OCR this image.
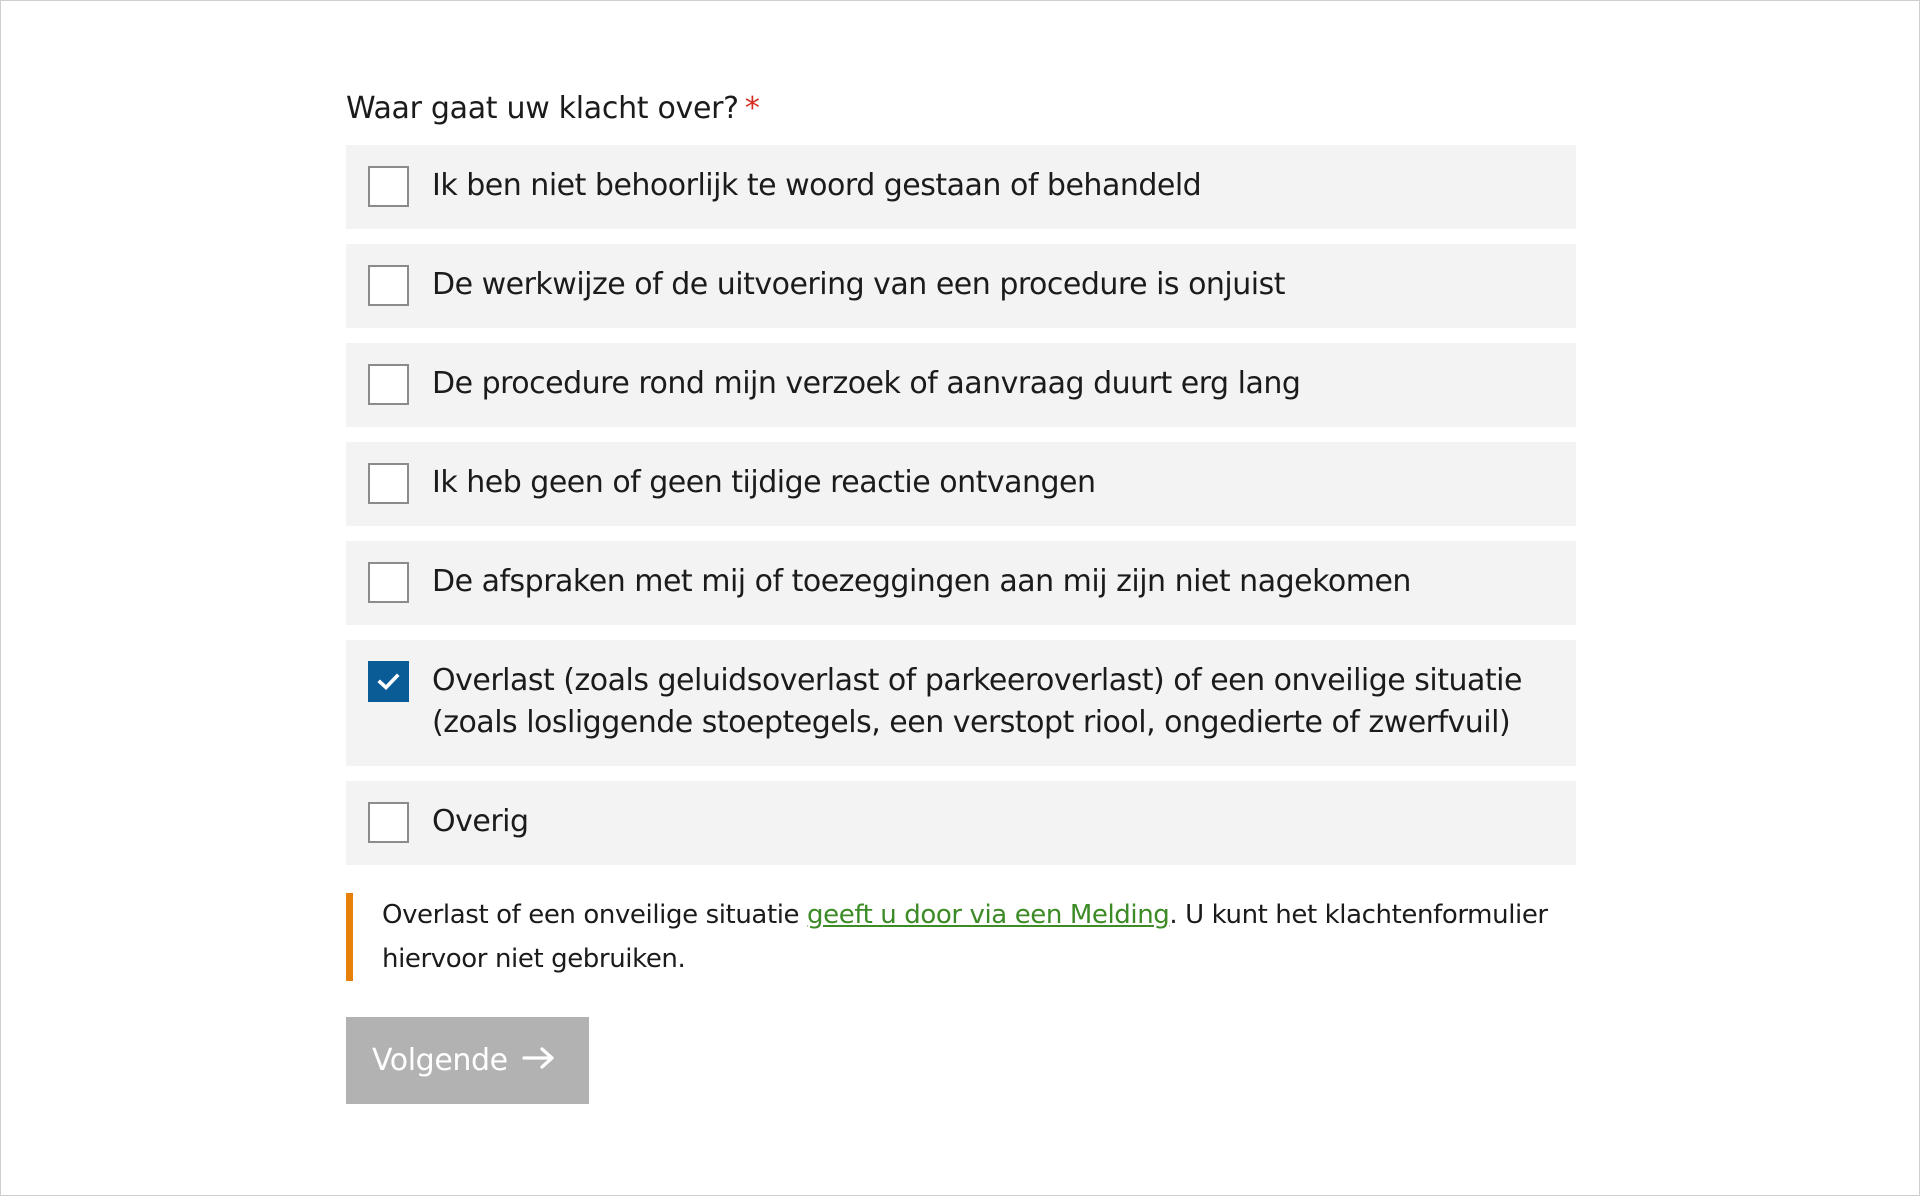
Waar gaat uw klacht over? *
Ik ben niet behoorlijk te woord gestaan of behandeld
De werkwijze of de uitvoering van een procedure is onjuist
De procedure rond mijn verzoek of aanvraag duurt erg lang
Ik heb geen of geen tijdige reactie ontvangen
De afspraken met mij of toezeggingen aan mij zijn niet nagekomen
Overlast (zoals geluidsoverlast of parkeeroverlast) of een onveilige situatie (zoals losliggende stoeptegels, een verstopt riool, ongedierte of zwerfvuil)
Overig
Overlast of een onveilige situatie geeft u door via een Melding. U kunt het klachtenformulier hiervoor niet gebruiken.
Volgende
